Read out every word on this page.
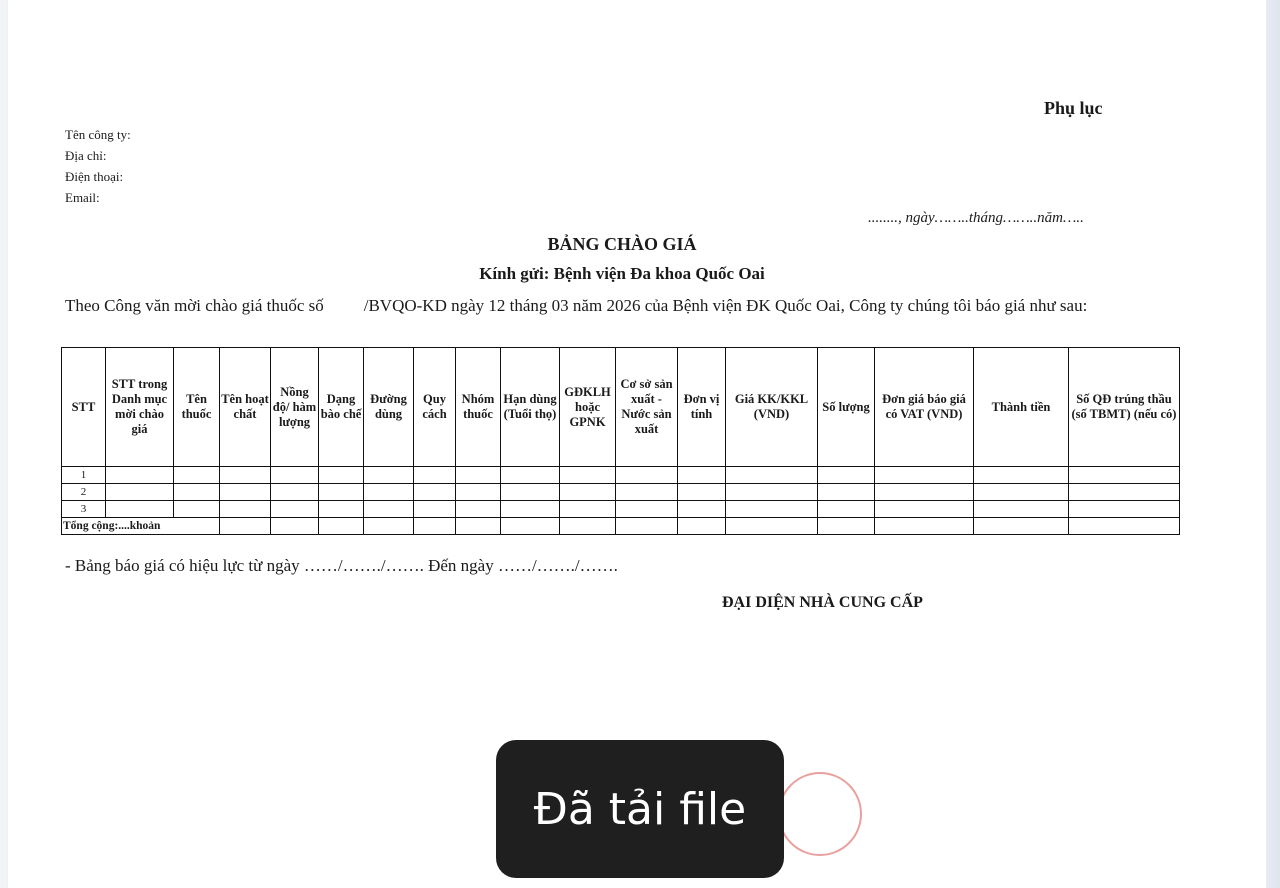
Phụ lục
Tên công ty:
Địa chỉ:
Điện thoại:
Email:
........, ngày……..tháng……..năm…..
BẢNG CHÀO GIÁ
Kính gửi: Bệnh viện Đa khoa Quốc Oai
Theo Công văn mời chào giá thuốc số /BVQO-KD ngày 12 tháng 03 năm 2026 của Bệnh viện ĐK Quốc Oai, Công ty chúng tôi báo giá như sau:
STT	STT trong Danh mục mời chào giá	Tên thuốc	Tên hoạt chất	Nồng độ/ hàm lượng	Dạng bào chế	Đường dùng	Quy cách	Nhóm thuốc	Hạn dùng (Tuổi thọ)	GĐKLH hoặc GPNK	Cơ sở sản xuất - Nước sản xuất	Đơn vị tính	Giá KK/KKL (VND)	Số lượng	Đơn giá báo giá có VAT (VND)	Thành tiền	Số QĐ trúng thầu (số TBMT) (nếu có)
1																	
2																	
3																	
Tổng cộng:....khoản																	
- Bảng báo giá có hiệu lực từ ngày ……/……./……. Đến ngày ……/……./…….
ĐẠI DIỆN NHÀ CUNG CẤP
Đã tải file
